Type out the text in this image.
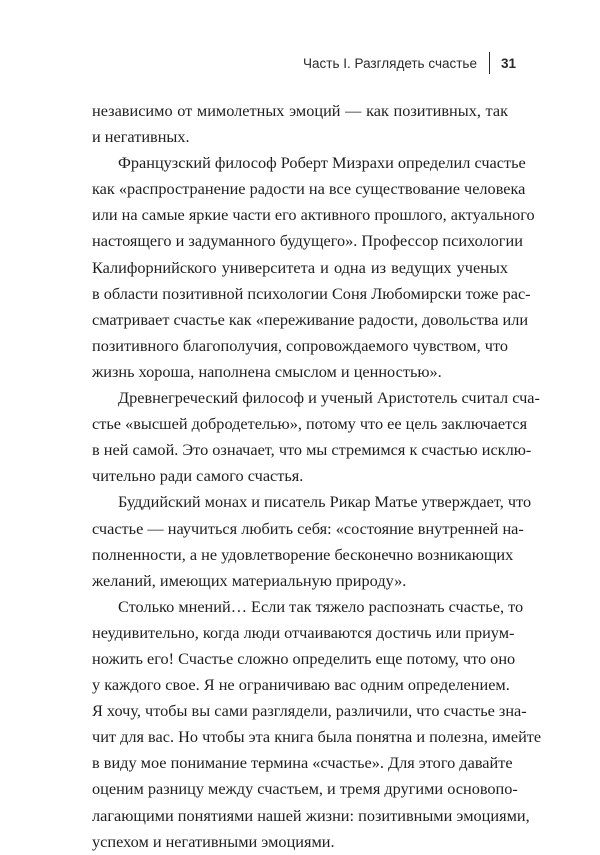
Часть I. Разглядеть счастье 31

независимо от мимолетных эмоций — как позитивных, так
и негативных.

Французский философ Роберт Мизрахи определил счастье
как «распространение радости на все существование человека
или на самые яркие части его активного прошлого, актуального
настоящего и задуманного будущего». Профессор психологии
Калифорнийского университета и одна из ведущих ученых
в области позитивной психологии Соня Любомирски тоже рас-
сматривает счастье как «переживание радости, довольства или
позитивного благополучия, сопровождаемого чувством, что
жизнь хороша, наполнена смыслом и ценностью».

Древнегреческий философ и ученый Аристотель считал сча-
стье «высшей добродетелью», потому что ее цель заключается
в ней самой. Это означает, что мы стремимся к счастью исклю-
чительно ради самого счастья.

Буддийский монах и писатель Рикар Матье утверждает, что
счастье — научиться любить себя: «состояние внутренней на-
полненности, а не удовлетворение бесконечно возникающих
желаний, имеющих материальную природу».

Столько мнений… Если так тяжело распознать счастье, то
неудивительно, когда люди отчаиваются достичь или приум-
ножить его! Счастье сложно определить еще потому, что оно
у каждого свое. Я не ограничиваю вас одним определением.
Я хочу, чтобы вы сами разглядели, различили, что счастье зна-
чит для вас. Но чтобы эта книга была понятна и полезна, имейте
в виду мое понимание термина «счастье». Для этого давайте
оценим разницу между счастьем, и тремя другими основопо-
лагающими понятиями нашей жизни: позитивными эмоциями,
успехом и негативными эмоциями.
